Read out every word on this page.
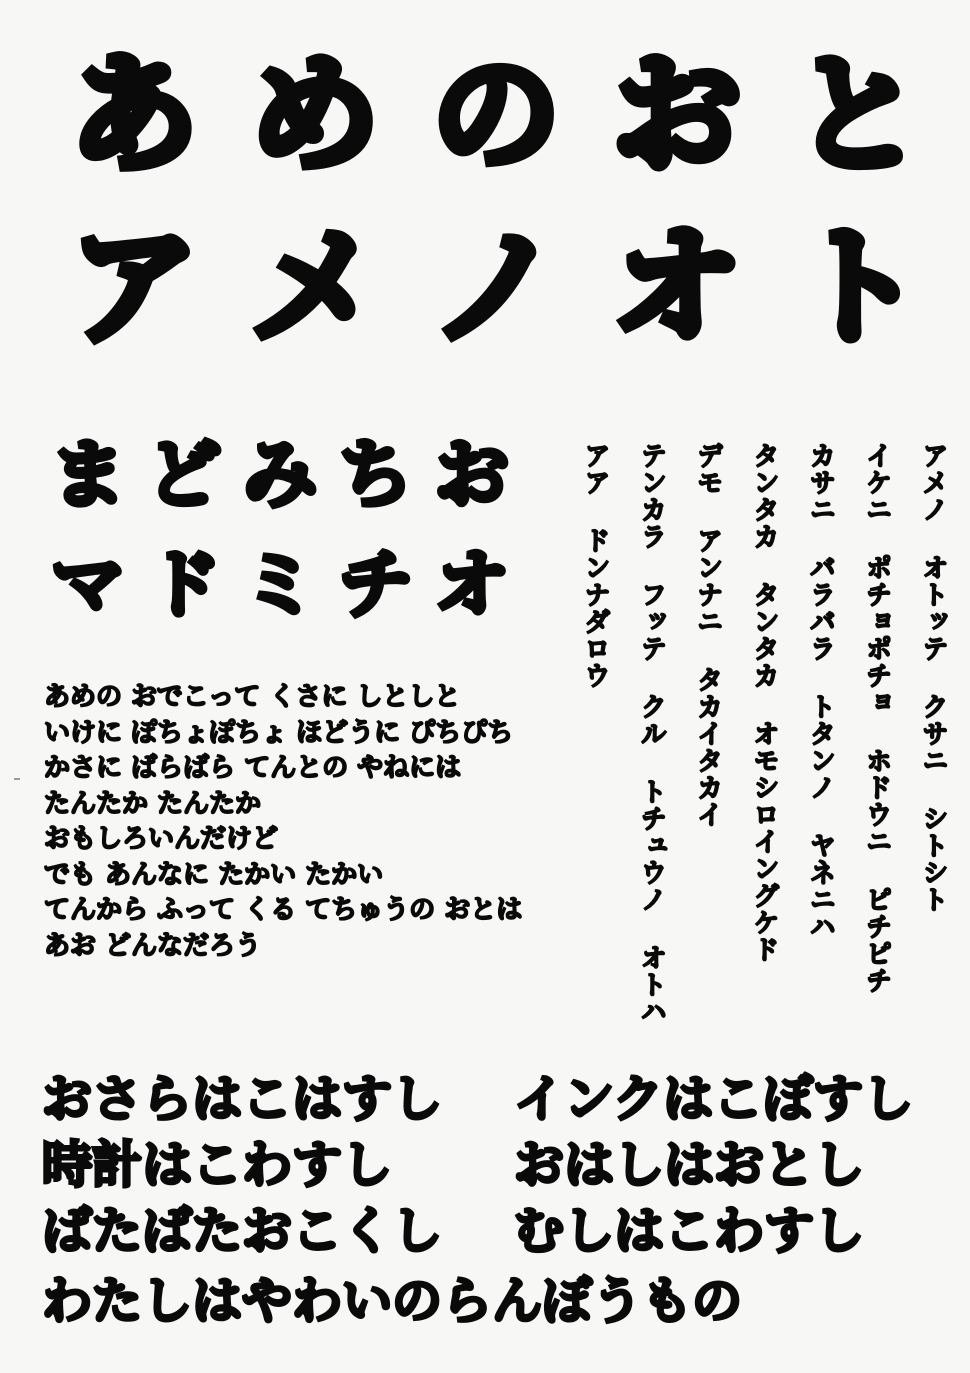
あ め の お と
ア メ ノ オ ト
ま ど み ち お
マ ド ミ チ オ
あめの おでこって くさに しとしと
いけに ぽちょぽちょ ほどうに ぴちぴち
かさに ばらばら てんとの やねには
たんたか たんたか
おもしろいんだけど
でも あんなに たかい たかい
てんから ふって くる てちゅうの おとは
あお どんなだろう
アメノ オトッテ クサニ シトシト
イケニ ポチョポチョ ホドウニ ピチピチ
カサニ バラバラ トタンノ ヤネニハ
タンタカ タンタカ オモシロイングケド
デモ アンナニ タカイタカイ
テンカラ フッテ クル トチュウノ オトハ
アア ドンナダロウ
おさらはこはすし インクはこぼすし
時計はこわすし おはしはおとし
ばたばたおこくし むしはこわすし
わたしはやわいのらんぼうもの
